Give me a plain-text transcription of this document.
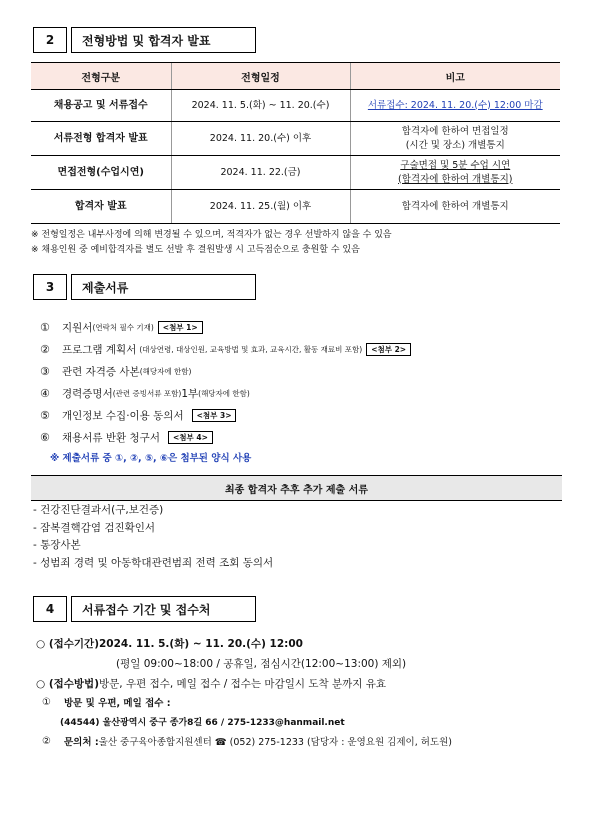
2	전형방법 및 합격자 발표
전형구분	전형일정	비고
채용공고 및 서류접수	2024. 11. 5.(화) ~ 11. 20.(수)	서류접수: 2024. 11. 20.(수) 12:00 마감
서류전형 합격자 발표	2024. 11. 20.(수) 이후	합격자에 한하여 면접일정
(시간 및 장소) 개별통지

면접전형(수업시연)	2024. 11. 22.(금)	구술면접 및 5분 수업 시연
(합격자에 한하여 개별통지)

합격자 발표	2024. 11. 25.(월) 이후	합격자에 한하여 개별통지
※ 전형일정은 내부사정에 의해 변경될 수 있으며, 적격자가 없는 경우 선발하지 않을 수 있음
※ 채용인원 중 예비합격자를 별도 선발 후 결원발생 시 고득점순으로 충원할 수 있음
3	제출서류
①	지원서 (연락처 필수 기재)	<첨부 1>
②	프로그램 계획서 (대상연령, 대상인원, 교육방법 및 효과, 교육시간, 활동 재료비 포함)	<첨부 2>
③	관련 자격증 사본 (해당자에 한함)
④	경력증명서 (관련 증빙서류 포함) 1부 (해당자에 한함)
⑤	개인정보 수집·이용 동의서	<첨부 3>
⑥	채용서류 반환 청구서	<첨부 4>
※ 제출서류 중 ①, ②, ⑤, ⑥은 첨부된 양식 사용
최종 합격자 추후 추가 제출 서류
- 건강진단결과서(구,보건증)
- 잠복결핵감염 검진확인서
- 통장사본
- 성범죄 경력 및 아동학대관련범죄 전력 조회 동의서
4	서류접수 기간 및 접수처
○ (접수기간) 2024. 11. 5.(화) ~ 11. 20.(수) 12:00
(평일 09:00~18:00 / 공휴일, 점심시간(12:00~13:00) 제외)
○ (접수방법) 방문, 우편 접수, 메일 접수 / 접수는 마감일시 도착 분까지 유효
①	방문 및 우편, 메일 접수 :
(44544) 울산광역시 중구 종가8길 66 / 275-1233@hanmail.net
②	문의처 : 울산 중구육아종합지원센터 ☎ (052) 275-1233 (담당자 : 운영요원 김제이, 허도원)
